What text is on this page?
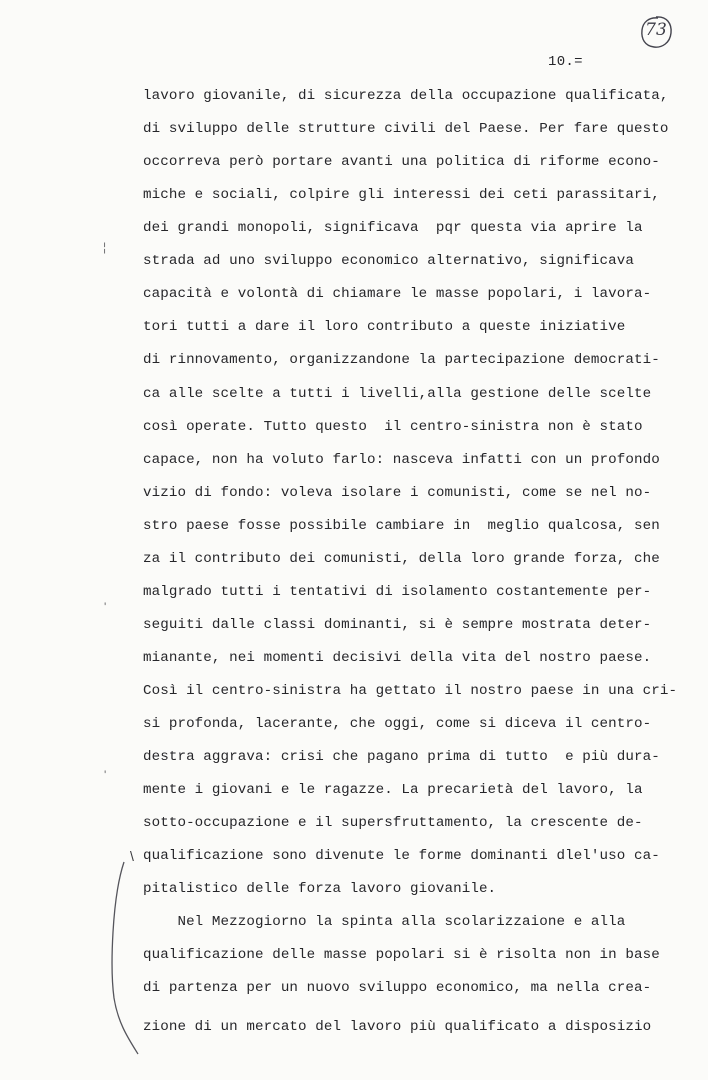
73
10.=
lavoro giovanile, di sicurezza della occupazione qualificata,
di sviluppo delle strutture civili del Paese. Per fare questo
occorreva però portare avanti una politica di riforme econo-
miche e sociali, colpire gli interessi dei ceti parassitari,
dei grandi monopoli, significava  pqr questa via aprire la
strada ad uno sviluppo economico alternativo, significava
capacità e volontà di chiamare le masse popolari, i lavora-
tori tutti a dare il loro contributo a queste iniziative
di rinnovamento, organizzandone la partecipazione democrati-
ca alle scelte a tutti i livelli,alla gestione delle scelte
così operate. Tutto questo  il centro-sinistra non è stato
capace, non ha voluto farlo: nasceva infatti con un profondo
vizio di fondo: voleva isolare i comunisti, come se nel no-
stro paese fosse possibile cambiare in  meglio qualcosa, sen
za il contributo dei comunisti, della loro grande forza, che
malgrado tutti i tentativi di isolamento costantemente per-
seguiti dalle classi dominanti, si è sempre mostrata deter-
mianante, nei momenti decisivi della vita del nostro paese.
Così il centro-sinistra ha gettato il nostro paese in una cri-
si profonda, lacerante, che oggi, come si diceva il centro-
destra aggrava: crisi che pagano prima di tutto  e più dura-
mente i giovani e le ragazze. La precarietà del lavoro, la
sotto-occupazione e il supersfruttamento, la crescente de-
qualificazione sono divenute le forme dominanti dlel'uso ca-
pitalistico delle forza lavoro giovanile.
Nel Mezzogiorno la spinta alla scolarizzaione e alla
qualificazione delle masse popolari si è risolta non in base
di partenza per un nuovo sviluppo economico, ma nella crea-
zione di un mercato del lavoro più qualificato a disposizio
¦
'
'
\
